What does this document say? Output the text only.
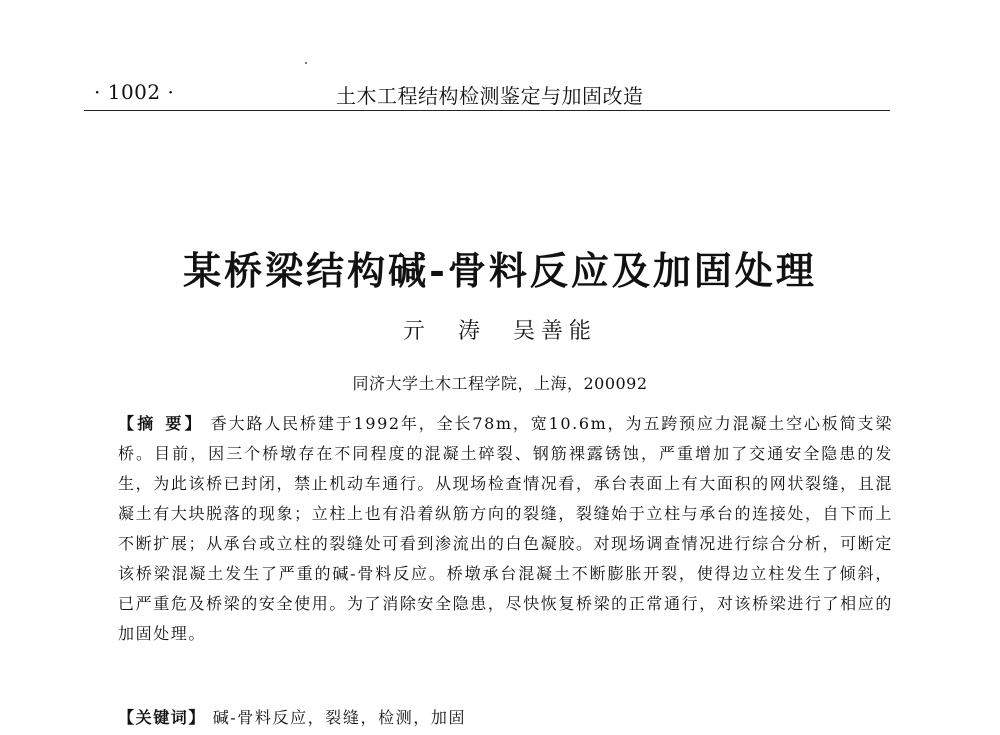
· 1002 ·	土木工程结构检测鉴定与加固改造
某桥梁结构碱-骨料反应及加固处理
亓 涛 吴善能
同济大学土木工程学院，上海，200092
【摘 要】 香大路人民桥建于1992年，全长78m，宽10.6m，为五跨预应力混凝土空心板简支梁桥。目前，因三个桥墩存在不同程度的混凝土碎裂、钢筋裸露锈蚀，严重增加了交通安全隐患的发生，为此该桥已封闭，禁止机动车通行。从现场检查情况看，承台表面上有大面积的网状裂缝，且混凝土有大块脱落的现象；立柱上也有沿着纵筋方向的裂缝，裂缝始于立柱与承台的连接处，自下而上不断扩展；从承台或立柱的裂缝处可看到渗流出的白色凝胶。对现场调查情况进行综合分析，可断定该桥梁混凝土发生了严重的碱-骨料反应。桥墩承台混凝土不断膨胀开裂，使得边立柱发生了倾斜，已严重危及桥梁的安全使用。为了消除安全隐患，尽快恢复桥梁的正常通行，对该桥梁进行了相应的加固处理。
【关键词】 碱-骨料反应，裂缝，检测，加固
